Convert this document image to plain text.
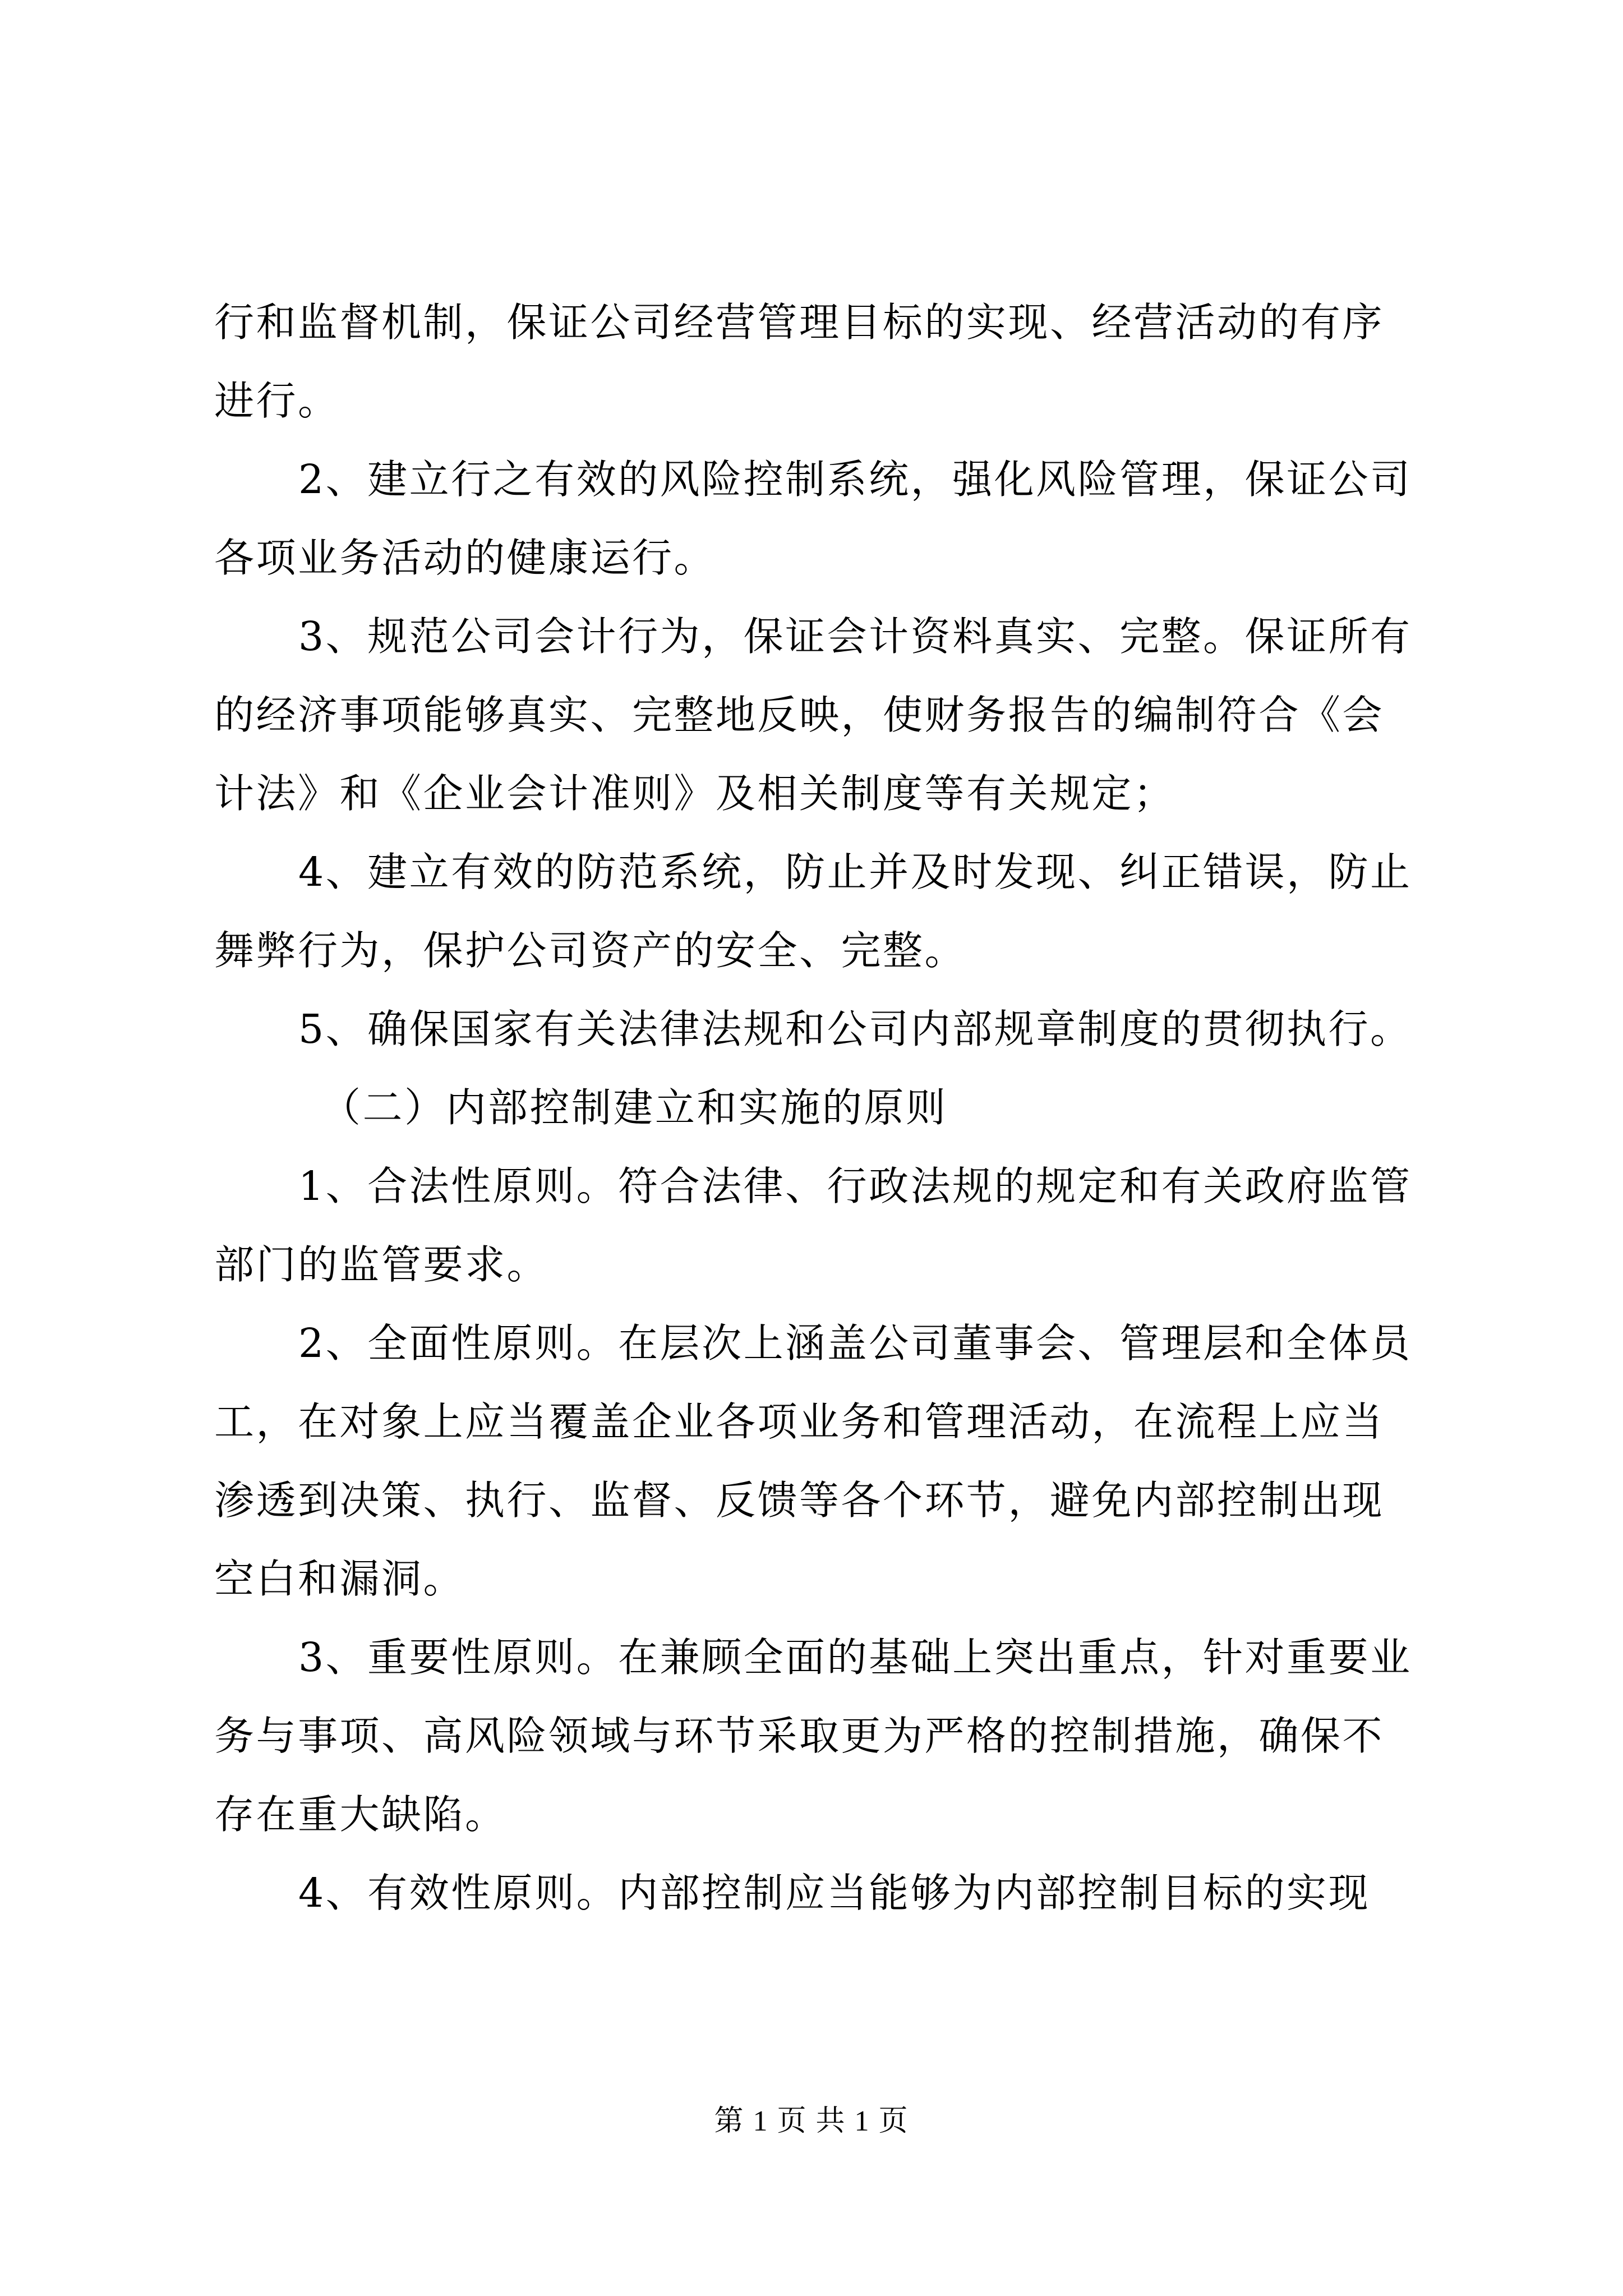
行和监督机制，保证公司经营管理目标的实现、经营活动的有序进行。

2、建立行之有效的风险控制系统，强化风险管理，保证公司各项业务活动的健康运行。

3、规范公司会计行为，保证会计资料真实、完整。保证所有的经济事项能够真实、完整地反映，使财务报告的编制符合《会计法》和《企业会计准则》及相关制度等有关规定；

4、建立有效的防范系统，防止并及时发现、纠正错误，防止舞弊行为，保护公司资产的安全、完整。

5、确保国家有关法律法规和公司内部规章制度的贯彻执行。

（二）内部控制建立和实施的原则

1、合法性原则。符合法律、行政法规的规定和有关政府监管部门的监管要求。

2、全面性原则。在层次上涵盖公司董事会、管理层和全体员工，在对象上应当覆盖企业各项业务和管理活动，在流程上应当渗透到决策、执行、监督、反馈等各个环节，避免内部控制出现空白和漏洞。

3、重要性原则。在兼顾全面的基础上突出重点，针对重要业务与事项、高风险领域与环节采取更为严格的控制措施，确保不存在重大缺陷。

4、有效性原则。内部控制应当能够为内部控制目标的实现

第 1 页 共 1 页
